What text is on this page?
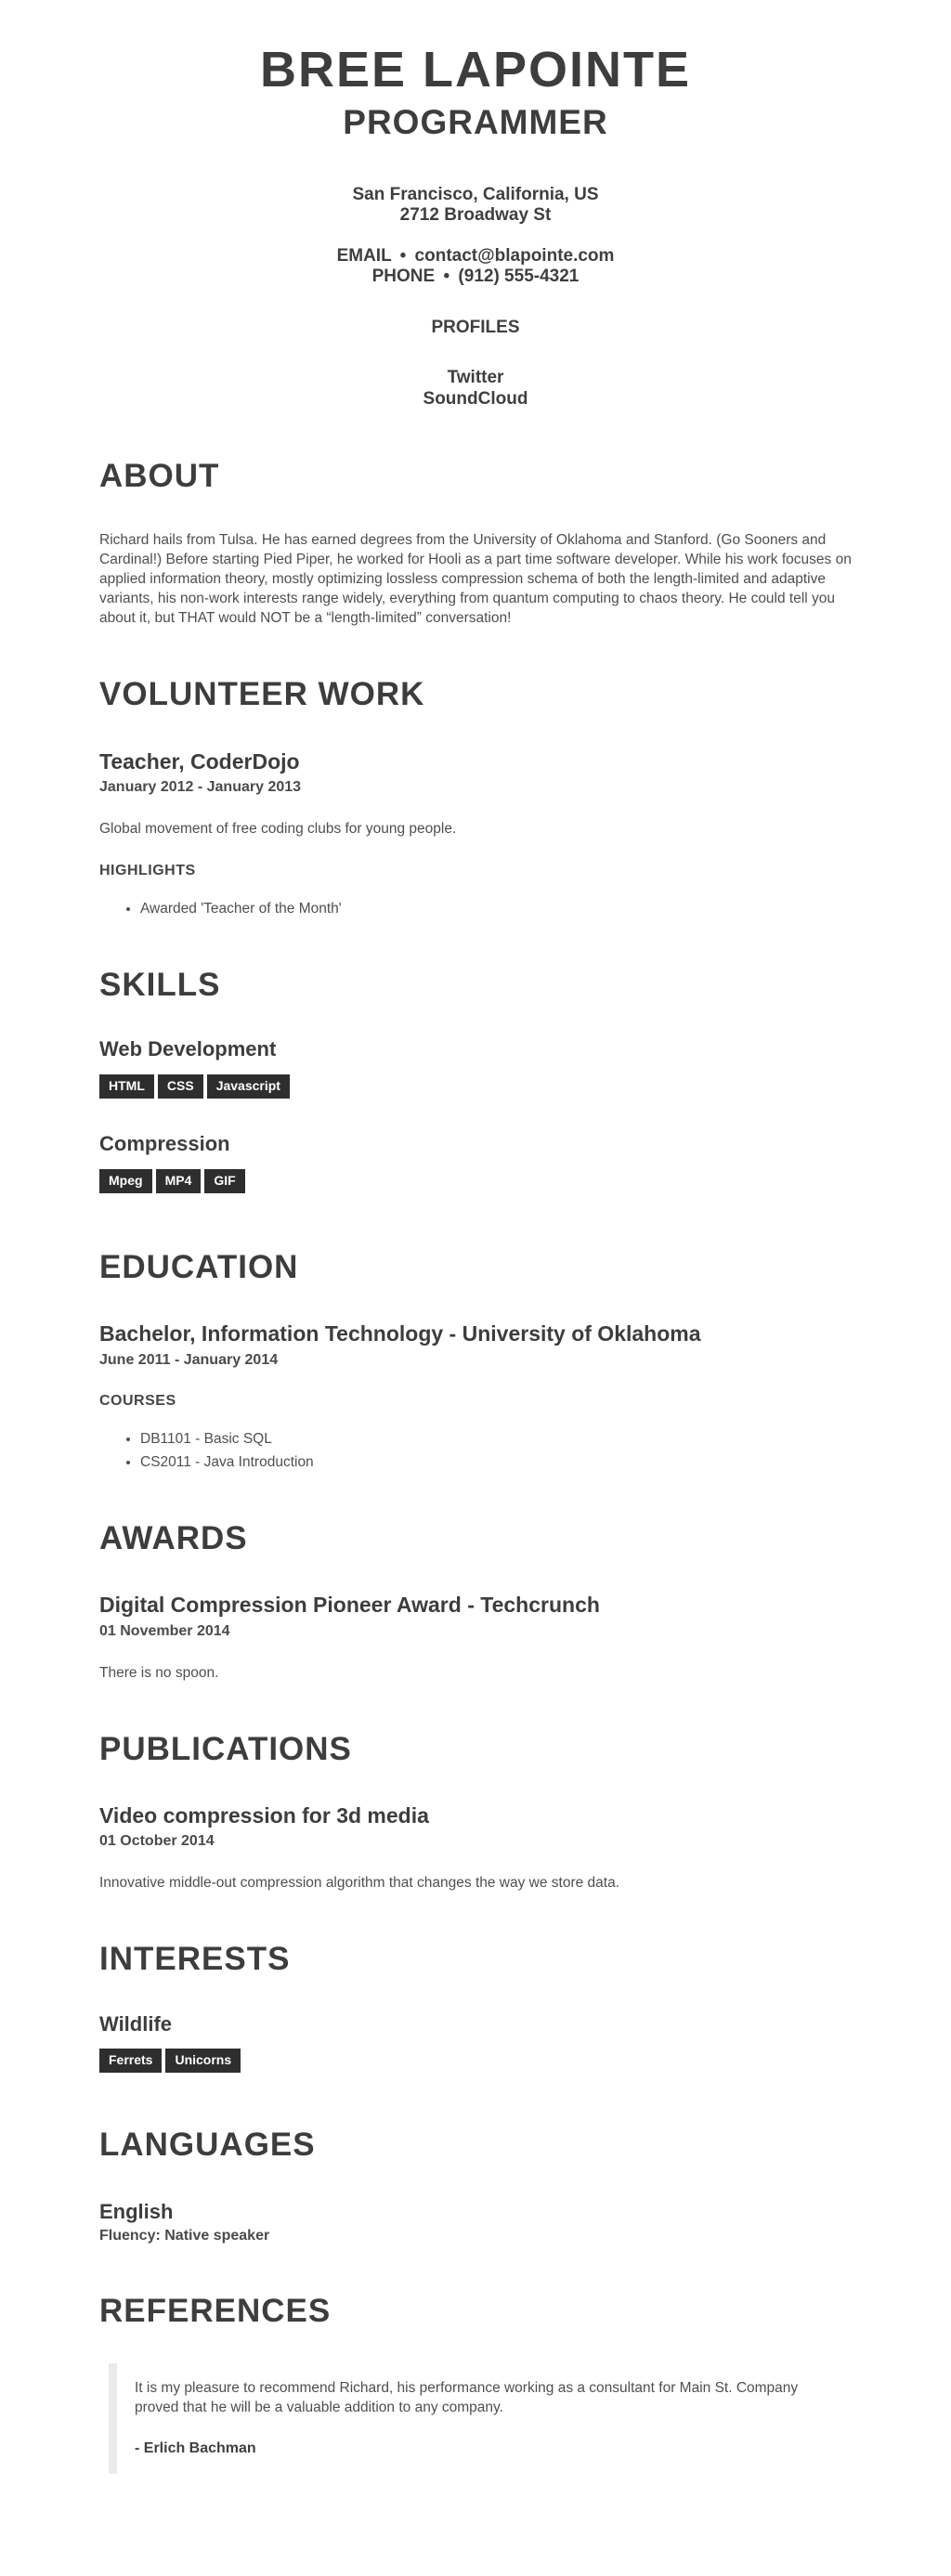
BREE LAPOINTE
PROGRAMMER
San Francisco, California, US
2712 Broadway St
EMAIL • contact@blapointe.com
PHONE • (912) 555-4321
PROFILES
Twitter
SoundCloud
ABOUT

Richard hails from Tulsa. He has earned degrees from the University of Oklahoma and Stanford. (Go Sooners and Cardinal!) Before starting Pied Piper, he worked for Hooli as a part time software developer. While his work focuses on applied information theory, mostly optimizing lossless compression schema of both the length-limited and adaptive variants, his non-work interests range widely, everything from quantum computing to chaos theory. He could tell you about it, but THAT would NOT be a “length-limited” conversation!

VOLUNTEER WORK
Teacher, CoderDojo
January 2012 - January 2013

Global movement of free coding clubs for young people.

HIGHLIGHTS
• Awarded 'Teacher of the Month'
SKILLS
Web Development
HTML	CSS	Javascript
Compression
Mpeg	MP4	GIF
EDUCATION
Bachelor, Information Technology - University of Oklahoma
June 2011 - January 2014
COURSES
• DB1101 - Basic SQL
• CS2011 - Java Introduction
AWARDS
Digital Compression Pioneer Award - Techcrunch
01 November 2014

There is no spoon.

PUBLICATIONS
Video compression for 3d media
01 October 2014

Innovative middle-out compression algorithm that changes the way we store data.

INTERESTS
Wildlife
Ferrets	Unicorns
LANGUAGES
English
Fluency: Native speaker
REFERENCES

It is my pleasure to recommend Richard, his performance working as a consultant for Main St. Company proved that he will be a valuable addition to any company.

- Erlich Bachman
